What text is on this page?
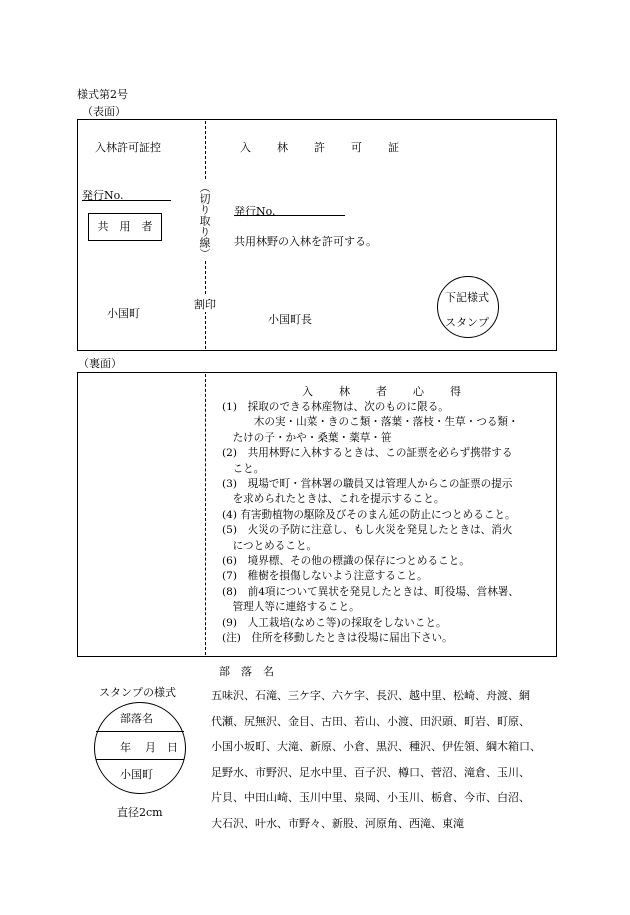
様式第2号
（表面）
入林許可証控
発行No.
共　用　者
小国町
（切り取り線）
割印
入林許可証
発行No.
共用林野の入林を許可する。
小国町長
下記様式
スタンプ
（裏面）
入林者心得
(1)　採取のできる林産物は、次のものに限る。
　　　木の実・山菜・きのこ類・落葉・落枝・生草・つる類・
　たけの子・かや・桑葉・薬草・笹
(2)　共用林野に入林するときは、この証票を必らず携帯する
　こと。
(3)　現場で町・営林署の職員又は管理人からこの証票の提示
　を求められたときは、これを提示すること。
(4) 有害動植物の駆除及びそのまん延の防止につとめること。
(5)　火災の予防に注意し、もし火災を発見したときは、消火
　につとめること。
(6)　境界標、その他の標識の保存につとめること。
(7)　稚樹を損傷しないよう注意すること。
(8)　前4項について異状を発見したときは、町役場、営林署、
　管理人等に連絡すること。
(9)　人工栽培(なめこ等)の採取をしないこと。
(注)　住所を移動したときは役場に届出下さい。
スタンプの様式
部落名
年 月 日
小国町
直径2cm
部　落　名
五味沢、石滝、三ケ字、六ケ字、長沢、越中里、松崎、舟渡、網
代瀬、尻無沢、金目、古田、若山、小渡、田沢頭、町岩、町原、
小国小坂町、大滝、新原、小倉、黒沢、種沢、伊佐領、綱木箱口、
足野水、市野沢、足水中里、百子沢、樽口、菅沼、滝倉、玉川、
片貝、中田山崎、玉川中里、泉岡、小玉川、栃倉、今市、白沼、
大石沢、叶水、市野々、新股、河原角、西滝、東滝
